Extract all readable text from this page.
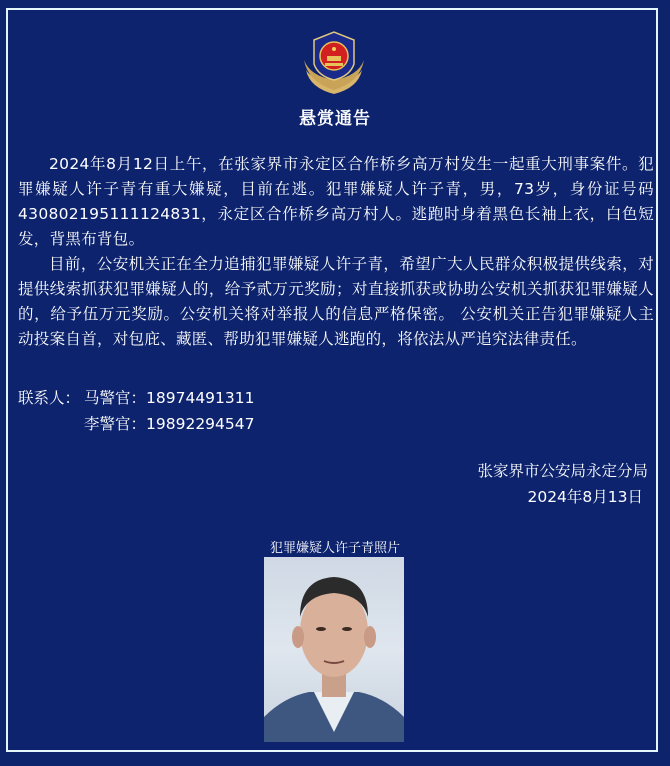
悬赏通告

2024年8月12日上午，在张家界市永定区合作桥乡高万村发生一起重大刑事案件。犯罪嫌疑人许子青有重大嫌疑，目前在逃。犯罪嫌疑人许子青，男，73岁，身份证号码430802195111124831，永定区合作桥乡高万村人。逃跑时身着黑色长袖上衣，白色短发，背黑布背包。

目前，公安机关正在全力追捕犯罪嫌疑人许子青，希望广大人民群众积极提供线索，对提供线索抓获犯罪嫌疑人的，给予贰万元奖励；对直接抓获或协助公安机关抓获犯罪嫌疑人的，给予伍万元奖励。公安机关将对举报人的信息严格保密。 公安机关正告犯罪嫌疑人主动投案自首，对包庇、藏匿、帮助犯罪嫌疑人逃跑的，将依法从严追究法律责任。

联系人： 马警官： 18974491311
李警官： 19892294547
张家界市公安局永定分局
2024年8月13日
犯罪嫌疑人许子青照片
